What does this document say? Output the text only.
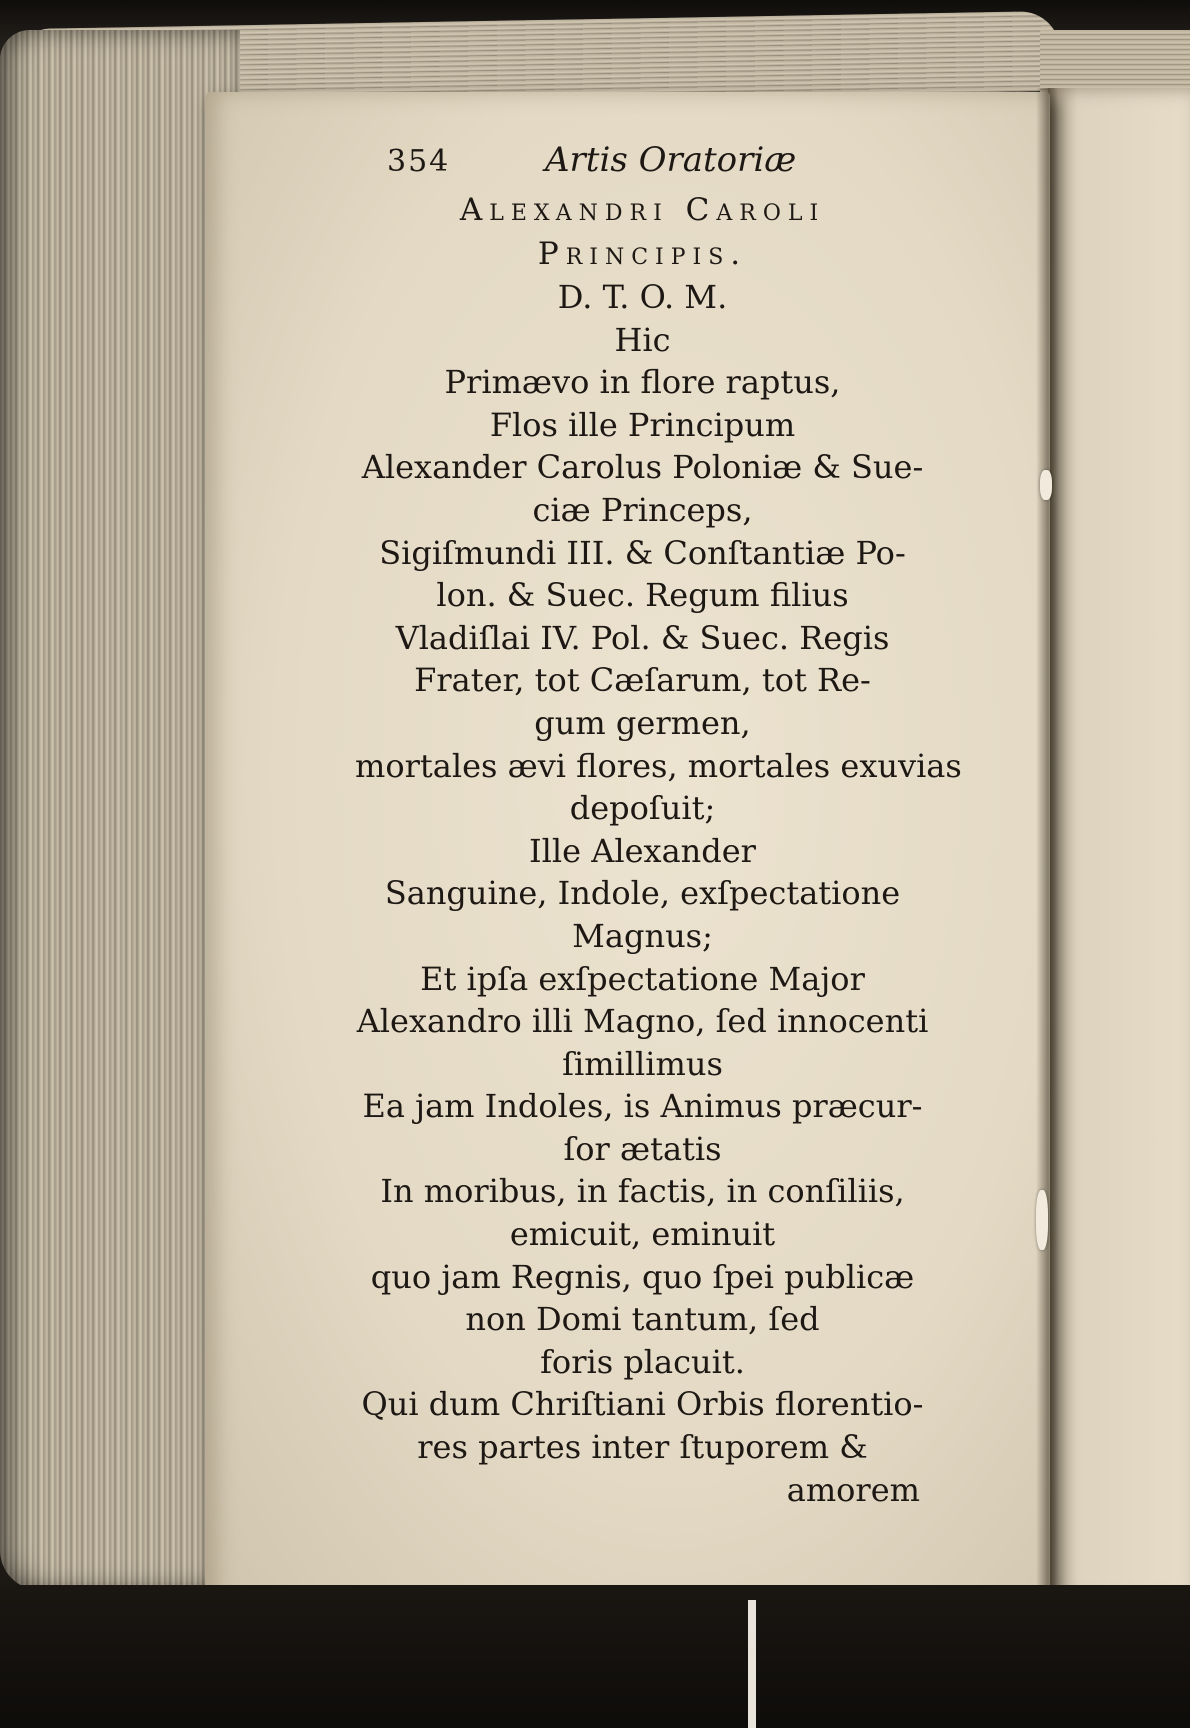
354	Artis Oratoriæ
Alexandri Caroli
Principis.
D. T. O. M.
Hic
Primævo in flore raptus,
Flos ille Principum
Alexander Carolus Poloniæ & Sue-
ciæ Princeps,
Sigiſmundi III. & Conſtantiæ Po-
lon. & Suec. Regum filius
Vladiſlai IV. Pol. & Suec. Regis
Frater, tot Cæſarum, tot Re-
gum germen,
mortales ævi flores, mortales exuvias
depoſuit;
Ille Alexander
Sanguine, Indole, exſpectatione
Magnus;
Et ipſa exſpectatione Major
Alexandro illi Magno, ſed innocenti
ſimillimus
Ea jam Indoles, is Animus præcur-
ſor ætatis
In moribus, in factis, in conſiliis,
emicuit, eminuit
quo jam Regnis, quo ſpei publicæ
non Domi tantum, ſed
foris placuit.
Qui dum Chriſtiani Orbis florentio-
res partes inter ſtuporem &
amorem
